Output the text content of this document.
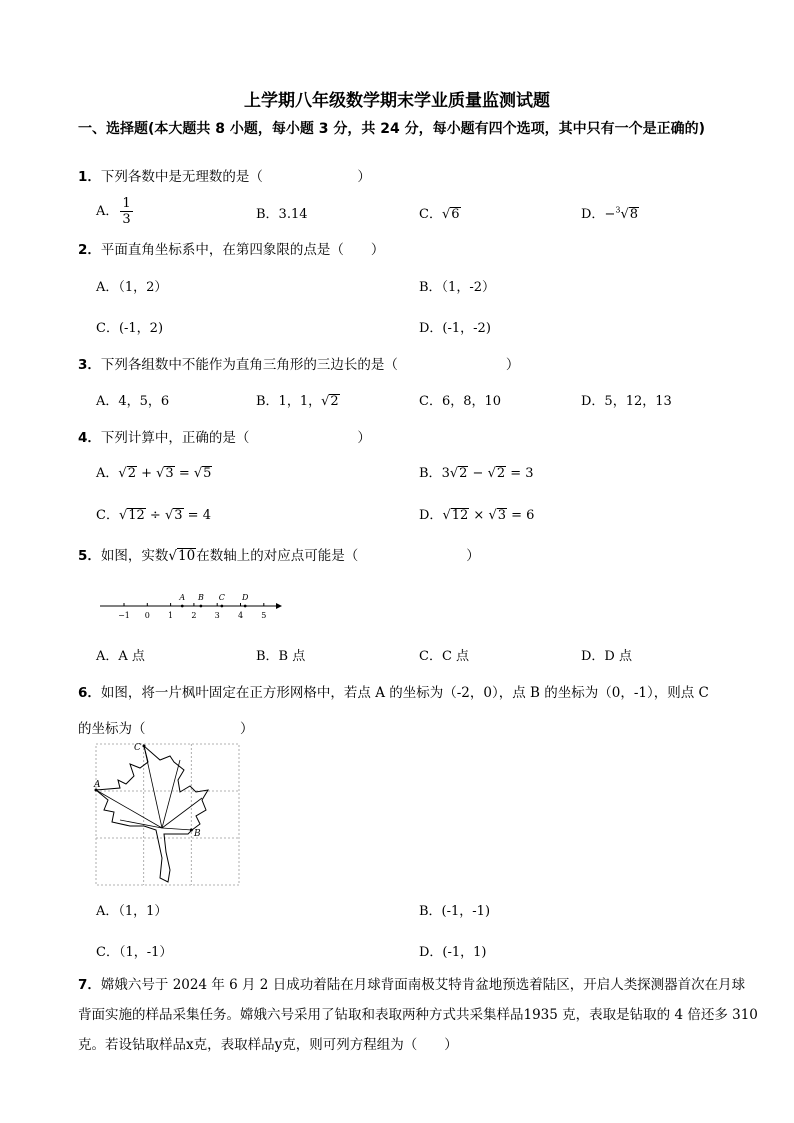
上学期八年级数学期末学业质量监测试题
一、选择题(本大题共 8 小题，每小题 3 分，共 24 分，每小题有四个选项，其中只有一个是正确的)
1．下列各数中是无理数的是（　　　　　　　）
A． $\frac{1}{3}$	B．3.14	C．√6	D．−$^3$√8
2．平面直角坐标系中，在第四象限的点是（　　）
A．（1，2）	B．（1，-2）
C．(-1，2)	D．(-1，-2)
3．下列各组数中不能作为直角三角形的三边长的是（　　　　　　　　）
A．4，5，6	B．1，1，√2	C．6，8，10	D．5，12，13
4．下列计算中，正确的是（　　　　　　　　）
A．√2 + √3 = √5	B．3√2 − √2 = 3
C．√12 ÷ √3 = 4	D．√12 × √3 = 6
5．如图，实数√10在数轴上的对应点可能是（　　　　　　　　）
−1 0 1 2 3 4 5
A B C D
A．A 点	B．B 点	C．C 点	D．D 点
6．如图，将一片枫叶固定在正方形网格中，若点 A 的坐标为（-2，0），点 B 的坐标为（0，-1），则点 C
的坐标为（　　　　　　　）
A
B
C
A．（1，1）	B．(-1，-1)
C．（1，-1）	D．(-1，1)
7．嫦娥六号于 2024 年 6 月 2 日成功着陆在月球背面南极艾特肯盆地预选着陆区，开启人类探测器首次在月球背面实施的样品采集任务。嫦娥六号采用了钻取和表取两种方式共采集样品1935 克，表取是钻取的 4 倍还多 310 克。若设钻取样品x克，表取样品y克，则可列方程组为（　　）
